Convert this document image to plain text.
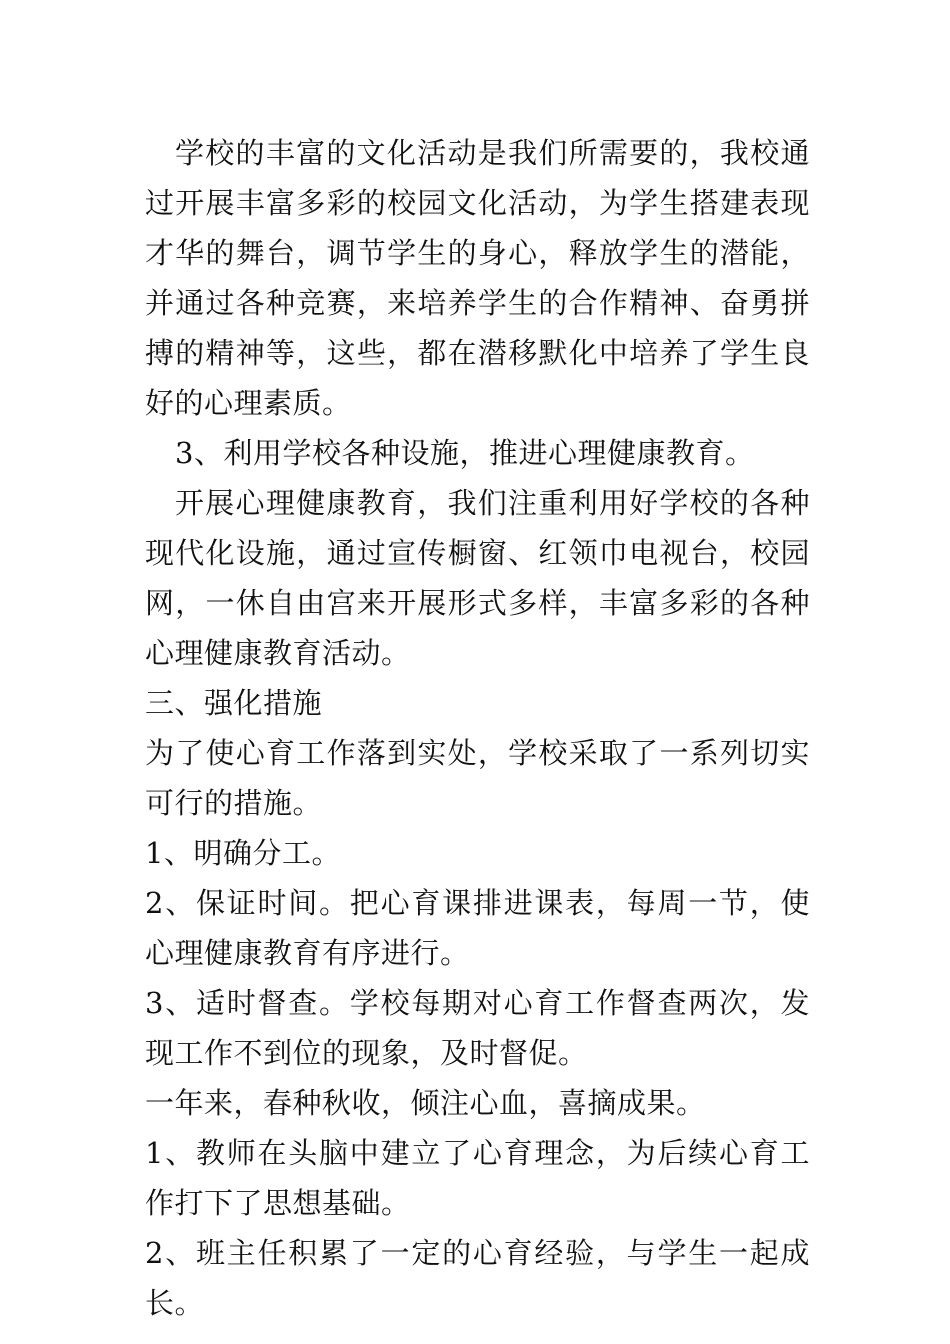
学校的丰富的文化活动是我们所需要的，我校通过开展丰富多彩的校园文化活动，为学生搭建表现才华的舞台，调节学生的身心，释放学生的潜能，并通过各种竞赛，来培养学生的合作精神、奋勇拼搏的精神等，这些，都在潜移默化中培养了学生良好的心理素质。

3、利用学校各种设施，推进心理健康教育。

开展心理健康教育，我们注重利用好学校的各种现代化设施，通过宣传橱窗、红领巾电视台，校园网，一休自由宫来开展形式多样，丰富多彩的各种心理健康教育活动。

三、强化措施

为了使心育工作落到实处，学校采取了一系列切实可行的措施。

1、明确分工。

2、保证时间。把心育课排进课表，每周一节，使心理健康教育有序进行。

3、适时督查。学校每期对心育工作督查两次，发现工作不到位的现象，及时督促。

一年来，春种秋收，倾注心血，喜摘成果。

1、教师在头脑中建立了心育理念，为后续心育工作打下了思想基础。

2、班主任积累了一定的心育经验，与学生一起成长。
